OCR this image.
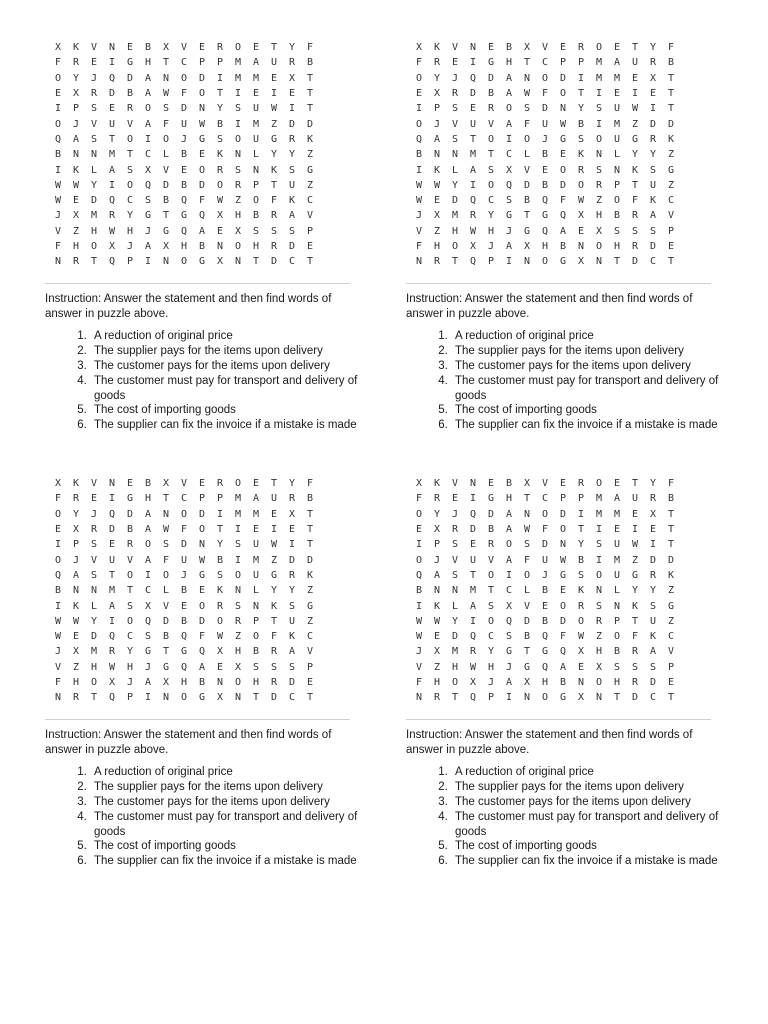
X	K	V	N	E	B	X	V	E	R	O	E	T	Y	F
F	R	E	I	G	H	T	C	P	P	M	A	U	R	B
O	Y	J	Q	D	A	N	O	D	I	M	M	E	X	T
E	X	R	D	B	A	W	F	O	T	I	E	I	E	T
I	P	S	E	R	O	S	D	N	Y	S	U	W	I	T
O	J	V	U	V	A	F	U	W	B	I	M	Z	D	D
Q	A	S	T	O	I	O	J	G	S	O	U	G	R	K
B	N	N	M	T	C	L	B	E	K	N	L	Y	Y	Z
I	K	L	A	S	X	V	E	O	R	S	N	K	S	G
W	W	Y	I	O	Q	D	B	D	O	R	P	T	U	Z
W	E	D	Q	C	S	B	Q	F	W	Z	O	F	K	C
J	X	M	R	Y	G	T	G	Q	X	H	B	R	A	V
V	Z	H	W	H	J	G	Q	A	E	X	S	S	S	P
F	H	O	X	J	A	X	H	B	N	O	H	R	D	E
N	R	T	Q	P	I	N	O	G	X	N	T	D	C	T

Instruction: Answer the statement and then find words of answer in puzzle above.

1. A reduction of original price
2. The supplier pays for the items upon delivery
3. The customer pays for the items upon delivery
4. The customer must pay for transport and delivery of goods
5. The cost of importing goods
6. The supplier can fix the invoice if a mistake is made
X	K	V	N	E	B	X	V	E	R	O	E	T	Y	F
F	R	E	I	G	H	T	C	P	P	M	A	U	R	B
O	Y	J	Q	D	A	N	O	D	I	M	M	E	X	T
E	X	R	D	B	A	W	F	O	T	I	E	I	E	T
I	P	S	E	R	O	S	D	N	Y	S	U	W	I	T
O	J	V	U	V	A	F	U	W	B	I	M	Z	D	D
Q	A	S	T	O	I	O	J	G	S	O	U	G	R	K
B	N	N	M	T	C	L	B	E	K	N	L	Y	Y	Z
I	K	L	A	S	X	V	E	O	R	S	N	K	S	G
W	W	Y	I	O	Q	D	B	D	O	R	P	T	U	Z
W	E	D	Q	C	S	B	Q	F	W	Z	O	F	K	C
J	X	M	R	Y	G	T	G	Q	X	H	B	R	A	V
V	Z	H	W	H	J	G	Q	A	E	X	S	S	S	P
F	H	O	X	J	A	X	H	B	N	O	H	R	D	E
N	R	T	Q	P	I	N	O	G	X	N	T	D	C	T

Instruction: Answer the statement and then find words of answer in puzzle above.

1. A reduction of original price
2. The supplier pays for the items upon delivery
3. The customer pays for the items upon delivery
4. The customer must pay for transport and delivery of goods
5. The cost of importing goods
6. The supplier can fix the invoice if a mistake is made
X	K	V	N	E	B	X	V	E	R	O	E	T	Y	F
F	R	E	I	G	H	T	C	P	P	M	A	U	R	B
O	Y	J	Q	D	A	N	O	D	I	M	M	E	X	T
E	X	R	D	B	A	W	F	O	T	I	E	I	E	T
I	P	S	E	R	O	S	D	N	Y	S	U	W	I	T
O	J	V	U	V	A	F	U	W	B	I	M	Z	D	D
Q	A	S	T	O	I	O	J	G	S	O	U	G	R	K
B	N	N	M	T	C	L	B	E	K	N	L	Y	Y	Z
I	K	L	A	S	X	V	E	O	R	S	N	K	S	G
W	W	Y	I	O	Q	D	B	D	O	R	P	T	U	Z
W	E	D	Q	C	S	B	Q	F	W	Z	O	F	K	C
J	X	M	R	Y	G	T	G	Q	X	H	B	R	A	V
V	Z	H	W	H	J	G	Q	A	E	X	S	S	S	P
F	H	O	X	J	A	X	H	B	N	O	H	R	D	E
N	R	T	Q	P	I	N	O	G	X	N	T	D	C	T

Instruction: Answer the statement and then find words of answer in puzzle above.

1. A reduction of original price
2. The supplier pays for the items upon delivery
3. The customer pays for the items upon delivery
4. The customer must pay for transport and delivery of goods
5. The cost of importing goods
6. The supplier can fix the invoice if a mistake is made
X	K	V	N	E	B	X	V	E	R	O	E	T	Y	F
F	R	E	I	G	H	T	C	P	P	M	A	U	R	B
O	Y	J	Q	D	A	N	O	D	I	M	M	E	X	T
E	X	R	D	B	A	W	F	O	T	I	E	I	E	T
I	P	S	E	R	O	S	D	N	Y	S	U	W	I	T
O	J	V	U	V	A	F	U	W	B	I	M	Z	D	D
Q	A	S	T	O	I	O	J	G	S	O	U	G	R	K
B	N	N	M	T	C	L	B	E	K	N	L	Y	Y	Z
I	K	L	A	S	X	V	E	O	R	S	N	K	S	G
W	W	Y	I	O	Q	D	B	D	O	R	P	T	U	Z
W	E	D	Q	C	S	B	Q	F	W	Z	O	F	K	C
J	X	M	R	Y	G	T	G	Q	X	H	B	R	A	V
V	Z	H	W	H	J	G	Q	A	E	X	S	S	S	P
F	H	O	X	J	A	X	H	B	N	O	H	R	D	E
N	R	T	Q	P	I	N	O	G	X	N	T	D	C	T

Instruction: Answer the statement and then find words of answer in puzzle above.

1. A reduction of original price
2. The supplier pays for the items upon delivery
3. The customer pays for the items upon delivery
4. The customer must pay for transport and delivery of goods
5. The cost of importing goods
6. The supplier can fix the invoice if a mistake is made
